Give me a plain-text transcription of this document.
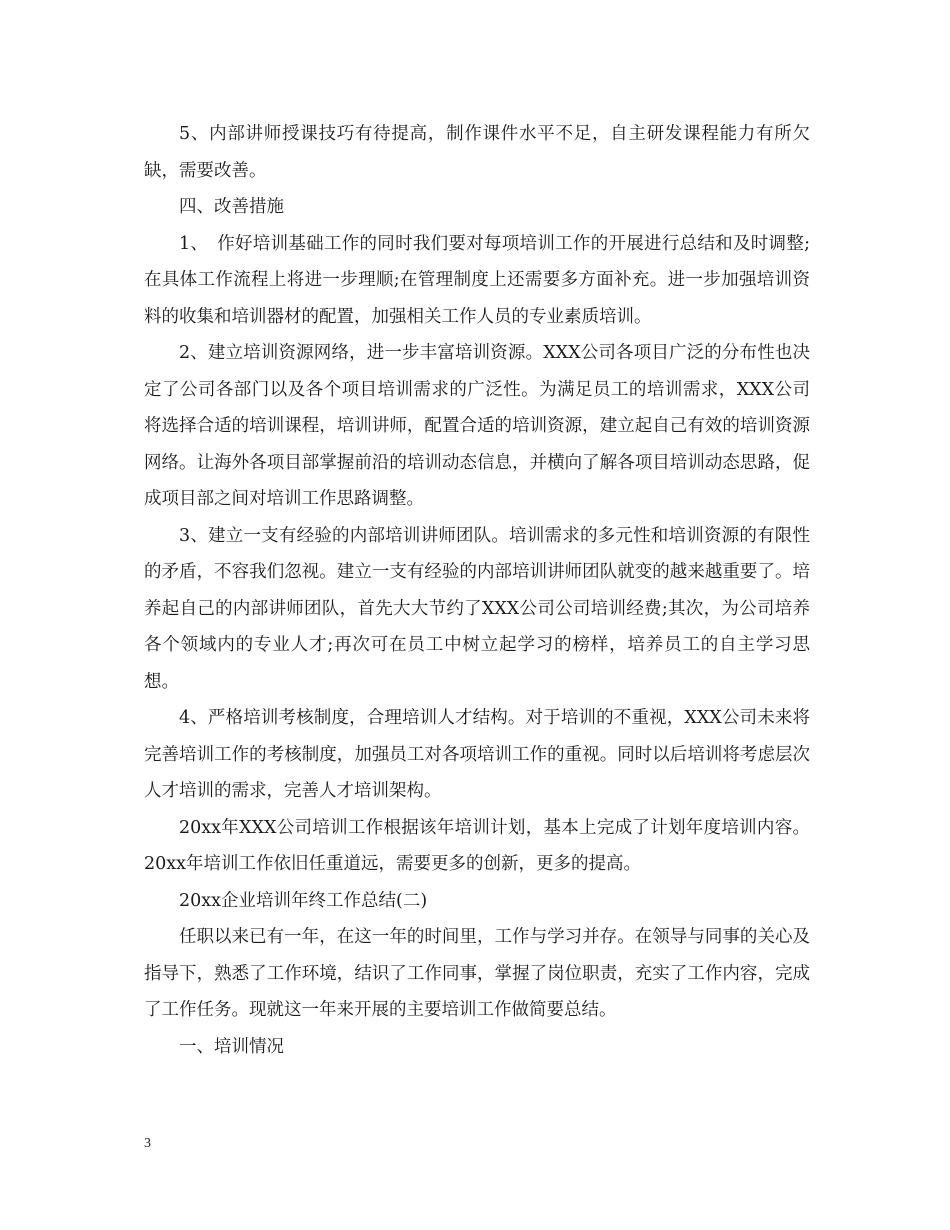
5、内部讲师授课技巧有待提高，制作课件水平不足，自主研发课程能力有所欠缺，需要改善。

四、改善措施

1、　作好培训基础工作的同时我们要对每项培训工作的开展进行总结和及时调整;在具体工作流程上将进一步理顺;在管理制度上还需要多方面补充。进一步加强培训资料的收集和培训器材的配置，加强相关工作人员的专业素质培训。

2、建立培训资源网络，进一步丰富培训资源。XXX公司各项目广泛的分布性也决定了公司各部门以及各个项目培训需求的广泛性。为满足员工的培训需求，XXX公司将选择合适的培训课程，培训讲师，配置合适的培训资源，建立起自己有效的培训资源网络。让海外各项目部掌握前沿的培训动态信息，并横向了解各项目培训动态思路，促成项目部之间对培训工作思路调整。

3、建立一支有经验的内部培训讲师团队。培训需求的多元性和培训资源的有限性的矛盾，不容我们忽视。建立一支有经验的内部培训讲师团队就变的越来越重要了。培养起自己的内部讲师团队，首先大大节约了XXX公司公司培训经费;其次，为公司培养各个领域内的专业人才;再次可在员工中树立起学习的榜样，培养员工的自主学习思想。

4、严格培训考核制度，合理培训人才结构。对于培训的不重视，XXX公司未来将完善培训工作的考核制度，加强员工对各项培训工作的重视。同时以后培训将考虑层次人才培训的需求，完善人才培训架构。

20xx年XXX公司培训工作根据该年培训计划，基本上完成了计划年度培训内容。20xx年培训工作依旧任重道远，需要更多的创新，更多的提高。

20xx企业培训年终工作总结(二)

任职以来已有一年，在这一年的时间里，工作与学习并存。在领导与同事的关心及指导下，熟悉了工作环境，结识了工作同事，掌握了岗位职责，充实了工作内容，完成了工作任务。现就这一年来开展的主要培训工作做简要总结。

一、培训情况

3
